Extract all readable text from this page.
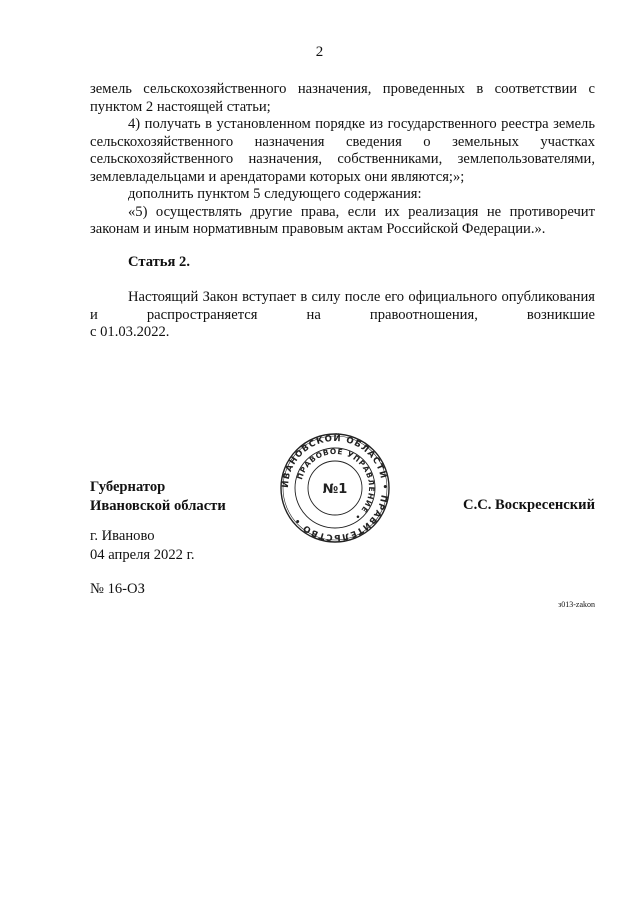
2

земель сельскохозяйственного назначения, проведенных в соответствии с пунктом 2 настоящей статьи;

4) получать в установленном порядке из государственного реестра земель сельскохозяйственного назначения сведения о земельных участках сельскохозяйственного назначения, собственниками, землепользователями, землевладельцами и арендаторами которых они являются;»;

дополнить пунктом 5 следующего содержания:

«5) осуществлять другие права, если их реализация не противоречит законам и иным нормативным правовым актам Российской Федерации.».

Статья 2.

Настоящий Закон вступает в силу после его официального опубликования и распространяется на правоотношения, возникшие

с 01.03.2022.

Губернатор
Ивановской области
ИВАНОВСКОЙ ОБЛАСТИ • ПРАВИТЕЛЬСТВО •
ПРАВОВОЕ УПРАВЛЕНИЕ •
№1
С.С. Воскресенский
г. Иваново
04 апреля 2022 г.
№ 16-ОЗ
з013-zakon
